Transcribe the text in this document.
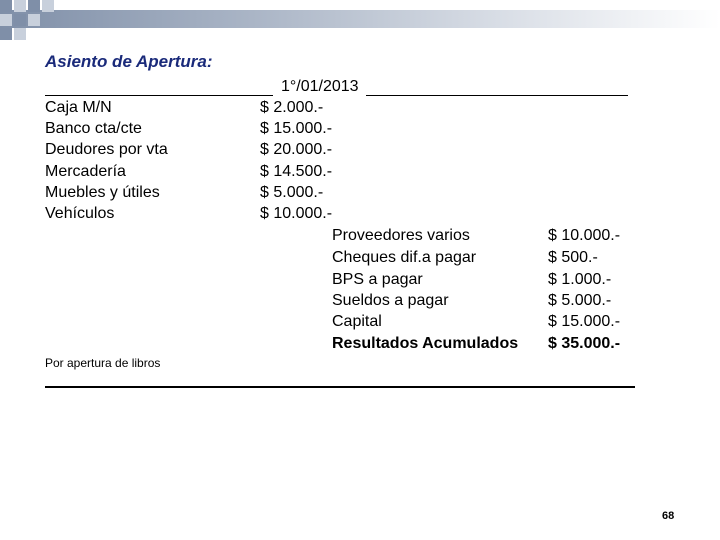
Asiento de Apertura:
1°/01/2013
Caja M/N	$ 2.000.-
Banco cta/cte	$ 15.000.-
Deudores por vta	$ 20.000.-
Mercadería	$ 14.500.-
Muebles y útiles	$ 5.000.-
Vehículos	$ 10.000.-
Proveedores varios	$ 10.000.-
Cheques dif.a pagar	$ 500.-
BPS a pagar	$ 1.000.-
Sueldos a pagar	$ 5.000.-
Capital	$ 15.000.-
Resultados Acumulados $ 35.000.-
Por apertura de libros
68
